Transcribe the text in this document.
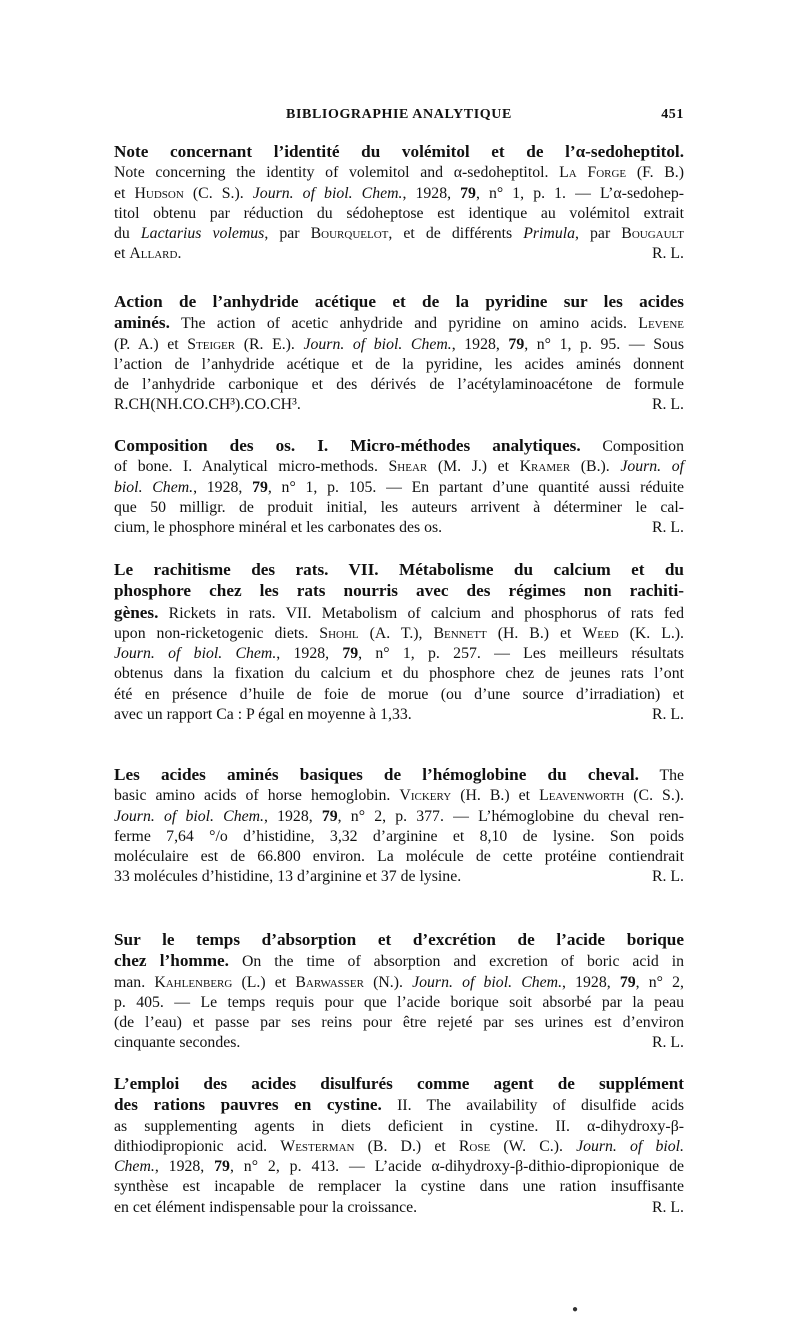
BIBLIOGRAPHIE ANALYTIQUE	451
Note concernant l’identité du volémitol et de l’α-sedoheptitol.
Note concerning the identity of volemitol and α-sedoheptitol. La Forge (F. B.)
et Hudson (C. S.). Journ. of biol. Chem., 1928, 79, n° 1, p. 1. — L’α-sedohep-
titol obtenu par réduction du sédoheptose est identique au volémitol extrait
du Lactarius volemus, par Bourquelot, et de différents Primula, par Bougault
et Allard.	R. L.
Action de l’anhydride acétique et de la pyridine sur les acides
aminés. The action of acetic anhydride and pyridine on amino acids. Levene
(P. A.) et Steiger (R. E.). Journ. of biol. Chem., 1928, 79, n° 1, p. 95. — Sous
l’action de l’anhydride acétique et de la pyridine, les acides aminés donnent
de l’anhydride carbonique et des dérivés de l’acétylaminoacétone de formule
R.CH(NH.CO.CH³).CO.CH³.	R. L.
Composition des os. I. Micro-méthodes analytiques. Composition
of bone. I. Analytical micro-methods. Shear (M. J.) et Kramer (B.). Journ. of
biol. Chem., 1928, 79, n° 1, p. 105. — En partant d’une quantité aussi réduite
que 50 milligr. de produit initial, les auteurs arrivent à déterminer le cal-
cium, le phosphore minéral et les carbonates des os.	R. L.
Le rachitisme des rats. VII. Métabolisme du calcium et du
phosphore chez les rats nourris avec des régimes non rachiti-
gènes. Rickets in rats. VII. Metabolism of calcium and phosphorus of rats fed
upon non-ricketogenic diets. Shohl (A. T.), Bennett (H. B.) et Weed (K. L.).
Journ. of biol. Chem., 1928, 79, n° 1, p. 257. — Les meilleurs résultats
obtenus dans la fixation du calcium et du phosphore chez de jeunes rats l’ont
été en présence d’huile de foie de morue (ou d’une source d’irradiation) et
avec un rapport Ca : P égal en moyenne à 1,33.	R. L.
Les acides aminés basiques de l’hémoglobine du cheval. The
basic amino acids of horse hemoglobin. Vickery (H. B.) et Leavenworth (C. S.).
Journ. of biol. Chem., 1928, 79, n° 2, p. 377. — L’hémoglobine du cheval ren-
ferme 7,64 °/o d’histidine, 3,32 d’arginine et 8,10 de lysine. Son poids
moléculaire est de 66.800 environ. La molécule de cette protéine contiendrait
33 molécules d’histidine, 13 d’arginine et 37 de lysine.	R. L.
Sur le temps d’absorption et d’excrétion de l’acide borique
chez l’homme. On the time of absorption and excretion of boric acid in
man. Kahlenberg (L.) et Barwasser (N.). Journ. of biol. Chem., 1928, 79, n° 2,
p. 405. — Le temps requis pour que l’acide borique soit absorbé par la peau
(de l’eau) et passe par ses reins pour être rejeté par ses urines est d’environ
cinquante secondes.	R. L.
L’emploi des acides disulfurés comme agent de supplément
des rations pauvres en cystine. II. The availability of disulfide acids
as supplementing agents in diets deficient in cystine. II. α-dihydroxy-β-
dithiodipropionic acid. Westerman (B. D.) et Rose (W. C.). Journ. of biol.
Chem., 1928, 79, n° 2, p. 413. — L’acide α-dihydroxy-β-dithio-dipropionique de
synthèse est incapable de remplacer la cystine dans une ration insuffisante
en cet élément indispensable pour la croissance.	R. L.
●
